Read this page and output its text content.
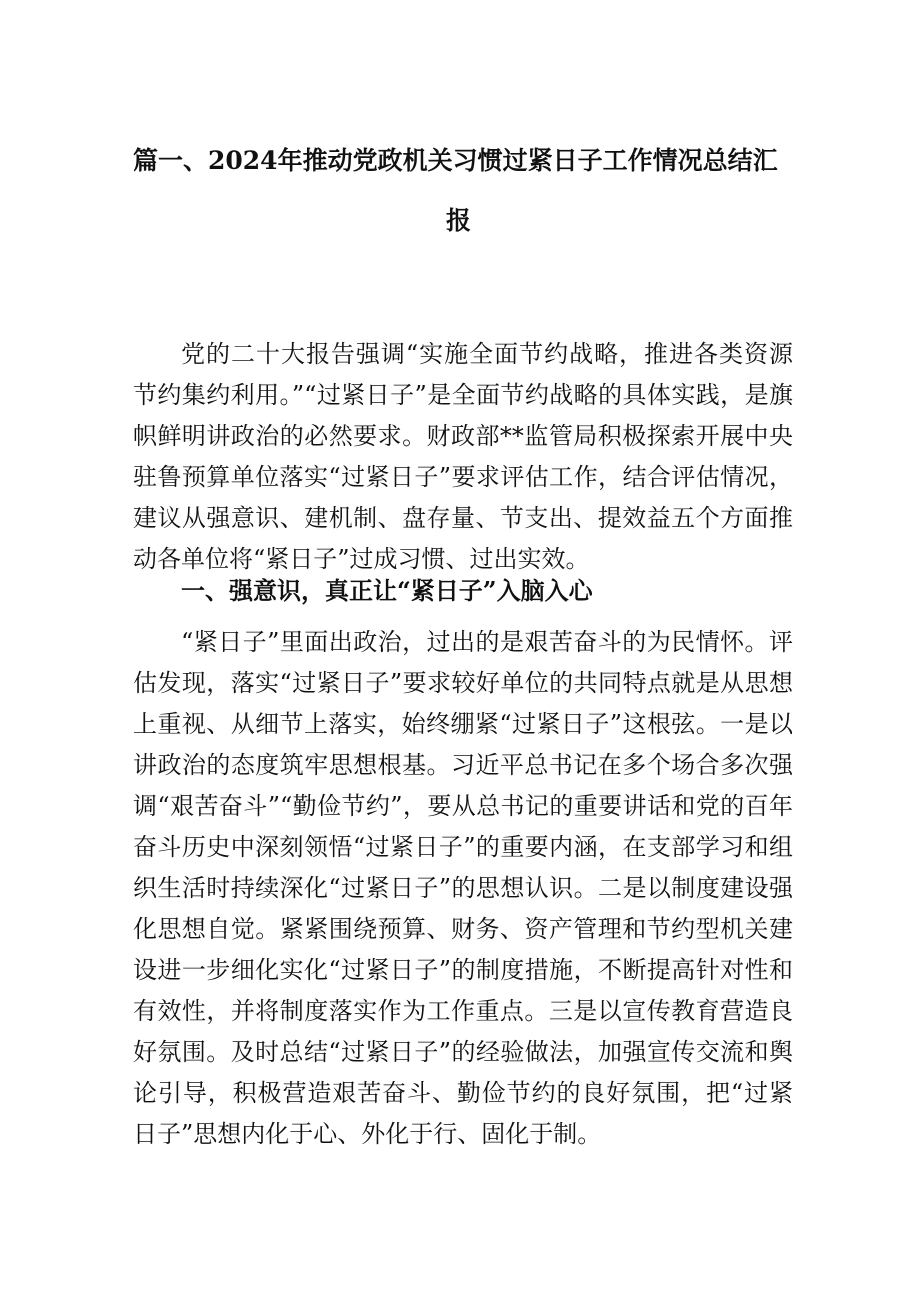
篇一、2024年推动党政机关习惯过紧日子工作情况总结汇
报

党的二十大报告强调“实施全面节约战略，推进各类资源节约集约利用。”“过紧日子”是全面节约战略的具体实践，是旗帜鲜明讲政治的必然要求。财政部**监管局积极探索开展中央驻鲁预算单位落实“过紧日子”要求评估工作，结合评估情况，建议从强意识、建机制、盘存量、节支出、提效益五个方面推动各单位将“紧日子”过成习惯、过出实效。

一、强意识，真正让“紧日子”入脑入心

“紧日子”里面出政治，过出的是艰苦奋斗的为民情怀。评估发现，落实“过紧日子”要求较好单位的共同特点就是从思想上重视、从细节上落实，始终绷紧“过紧日子”这根弦。一是以讲政治的态度筑牢思想根基。习近平总书记在多个场合多次强调“艰苦奋斗”“勤俭节约”，要从总书记的重要讲话和党的百年奋斗历史中深刻领悟“过紧日子”的重要内涵，在支部学习和组织生活时持续深化“过紧日子”的思想认识。二是以制度建设强化思想自觉。紧紧围绕预算、财务、资产管理和节约型机关建设进一步细化实化“过紧日子”的制度措施，不断提高针对性和有效性，并将制度落实作为工作重点。三是以宣传教育营造良好氛围。及时总结“过紧日子”的经验做法，加强宣传交流和舆论引导，积极营造艰苦奋斗、勤俭节约的良好氛围，把“过紧日子”思想内化于心、外化于行、固化于制。
